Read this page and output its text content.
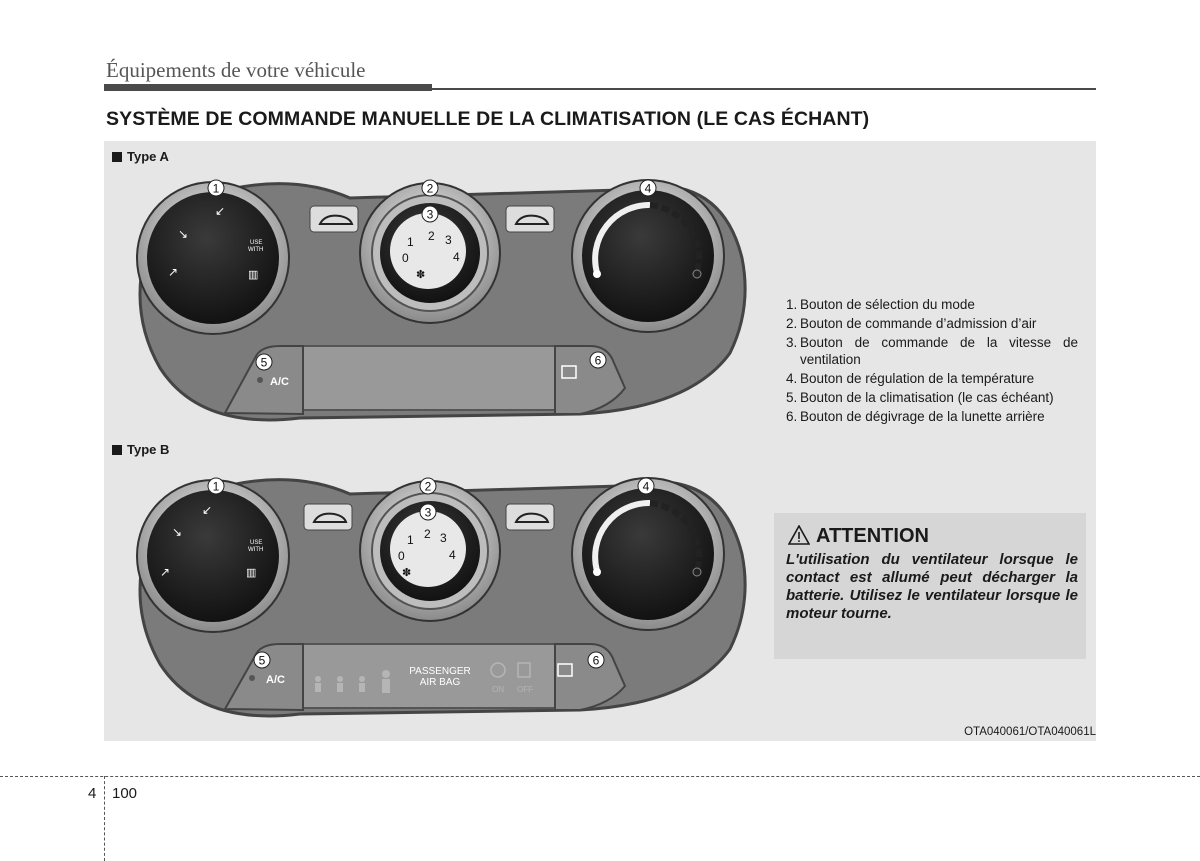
Équipements de votre véhicule
SYSTÈME DE COMMANDE MANUELLE DE LA CLIMATISATION (LE CAS ÉCHANT)
Type A
Type B
1	2
3
4
5	6
1 2 3
0	4
✽
USE
WITH
↙
↘
↗	▥
A/C
1	2
3
4
5	6
1 2 3
0	4
✽
USE
WITH
↙
↘
↗	▥
A/C
PASSENGER
AIR BAG
ON OFF
1. Bouton de sélection du mode
2. Bouton de commande d’admission d’air
3. Bouton de commande de la vitesse de ventilation
4. Bouton de régulation de la température
5. Bouton de la climatisation (le cas échéant)
6. Bouton de dégivrage de la lunette arrière
ATTENTION
L'utilisation du ventilateur lorsque le contact est allumé peut décharger la batterie. Utilisez le ventilateur lorsque le moteur tourne.
OTA040061/OTA040061L
4 100
